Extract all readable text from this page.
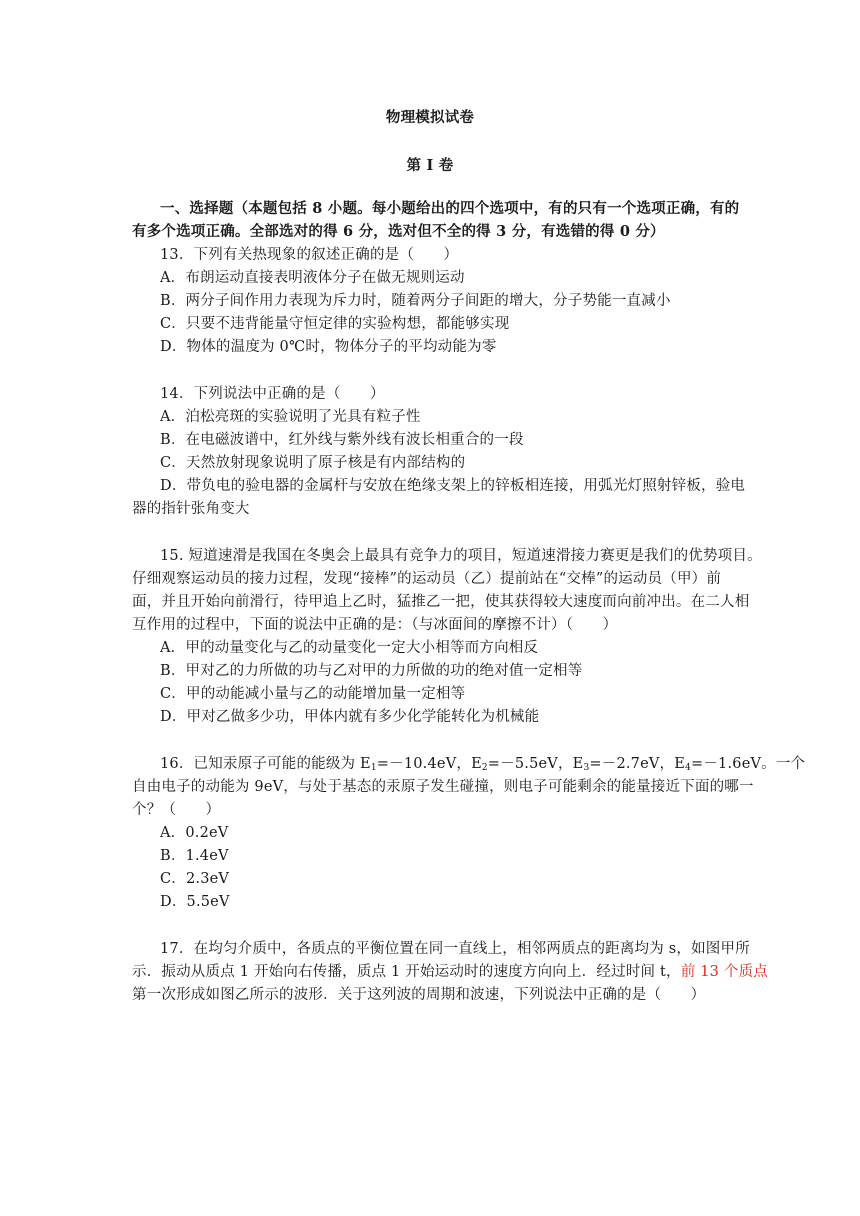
物理模拟试卷
第 Ⅰ 卷
一、选择题（本题包括 8 小题。每小题给出的四个选项中，有的只有一个选项正确，有的
有多个选项正确。全部选对的得 6 分，选对但不全的得 3 分，有选错的得 0 分）
13．下列有关热现象的叙述正确的是（　　）
A．布朗运动直接表明液体分子在做无规则运动
B．两分子间作用力表现为斥力时，随着两分子间距的增大，分子势能一直减小
C．只要不违背能量守恒定律的实验构想，都能够实现
D．物体的温度为 0℃时，物体分子的平均动能为零
14．下列说法中正确的是（　　）
A．泊松亮斑的实验说明了光具有粒子性
B．在电磁波谱中，红外线与紫外线有波长相重合的一段
C．天然放射现象说明了原子核是有内部结构的
D．带负电的验电器的金属杆与安放在绝缘支架上的锌板相连接，用弧光灯照射锌板，验电
器的指针张角变大
15. 短道速滑是我国在冬奥会上最具有竞争力的项目，短道速滑接力赛更是我们的优势项目。
仔细观察运动员的接力过程，发现“接棒”的运动员（乙）提前站在“交棒”的运动员（甲）前
面，并且开始向前滑行，待甲追上乙时，猛推乙一把，使其获得较大速度而向前冲出。在二人相
互作用的过程中，下面的说法中正确的是：（与冰面间的摩擦不计）（　　）
A．甲的动量变化与乙的动量变化一定大小相等而方向相反
B．甲对乙的力所做的功与乙对甲的力所做的功的绝对值一定相等
C．甲的动能减小量与乙的动能增加量一定相等
D．甲对乙做多少功，甲体内就有多少化学能转化为机械能
16．已知汞原子可能的能级为 $E_1=-10.4eV$，$E_2=-5.5eV$，$E_3=-2.7eV$，$E_4=-1.6eV$。一个
自由电子的动能为 9eV，与处于基态的汞原子发生碰撞，则电子可能剩余的能量接近下面的哪一
个？（　　）
A．0.2eV
B．1.4eV
C．2.3eV
D．5.5eV
17．在均匀介质中，各质点的平衡位置在同一直线上，相邻两质点的距离均为 s，如图甲所
示．振动从质点 1 开始向右传播，质点 1 开始运动时的速度方向向上．经过时间 t，前 13 个质点
第一次形成如图乙所示的波形．关于这列波的周期和波速，下列说法中正确的是（　　）
